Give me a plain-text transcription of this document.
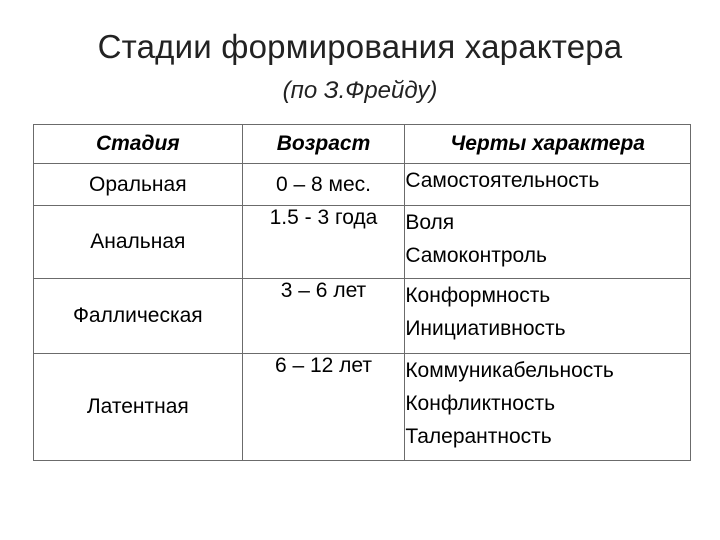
Стадии формирования характера
(по З.Фрейду)
Стадия	Возраст	Черты характера
Оральная	0 – 8 мес.	Самостоятельность

Анальная	1.5 - 3 года	Воля
Самоконтроль

Фаллическая	3 – 6 лет	Конформность
Инициативность

Латентная	6 – 12 лет	Коммуникабельность
Конфликтность
Талерантность
